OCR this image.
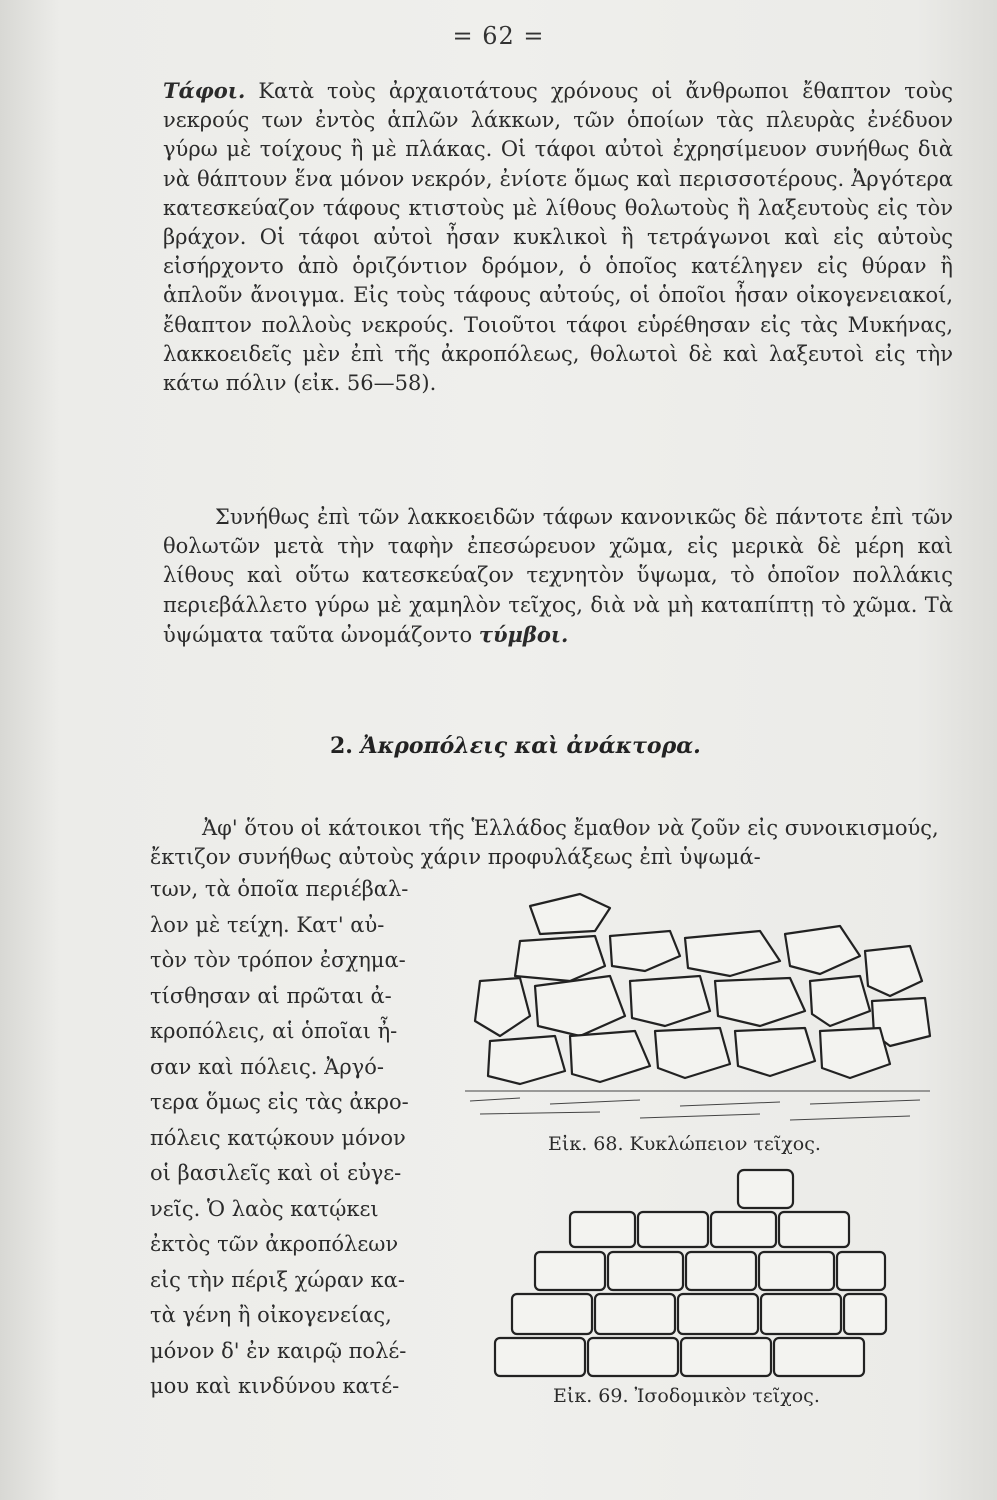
= 62 =
Τάφοι. Κατὰ τοὺς ἀρχαιοτάτους χρόνους οἱ ἄνθρωποι ἔθαπτον τοὺς νεκρούς των ἐντὸς ἁπλῶν λάκκων, τῶν ὁποίων τὰς πλευρὰς ἐνέδυον γύρω μὲ τοίχους ἢ μὲ πλάκας. Οἱ τάφοι αὐτοὶ ἐχρησίμευον συνήθως διὰ νὰ θάπτουν ἕνα μόνον νεκρόν, ἐνίοτε ὅμως καὶ περισσοτέρους. Ἀργότερα κατεσκεύαζον τάφους κτιστοὺς μὲ λίθους θολωτοὺς ἢ λαξευτοὺς εἰς τὸν βράχον. Οἱ τάφοι αὐτοὶ ἦσαν κυκλικοὶ ἢ τετράγωνοι καὶ εἰς αὐτοὺς εἰσήρχοντο ἀπὸ ὁριζόντιον δρόμον, ὁ ὁποῖος κατέληγεν εἰς θύραν ἢ ἁπλοῦν ἄνοιγμα. Εἰς τοὺς τάφους αὐτούς, οἱ ὁποῖοι ἦσαν οἰκογενειακοί, ἔθαπτον πολλοὺς νεκρούς. Τοιοῦτοι τάφοι εὑρέθησαν εἰς τὰς Μυκήνας, λακκοειδεῖς μὲν ἐπὶ τῆς ἀκροπόλεως, θολωτοὶ δὲ καὶ λαξευτοὶ εἰς τὴν κάτω πόλιν (εἰκ. 56—58).
Συνήθως ἐπὶ τῶν λακκοειδῶν τάφων κανονικῶς δὲ πάντοτε ἐπὶ τῶν θολωτῶν μετὰ τὴν ταφὴν ἐπεσώρευον χῶμα, εἰς μερικὰ δὲ μέρη καὶ λίθους καὶ οὕτω κατεσκεύαζον τεχνητὸν ὕψωμα, τὸ ὁποῖον πολλάκις περιεβάλλετο γύρω μὲ χαμηλὸν τεῖχος, διὰ νὰ μὴ καταπίπτῃ τὸ χῶμα. Τὰ ὑψώματα ταῦτα ὠνομάζοντο τύμβοι.
2. Ἀκροπόλεις καὶ ἀνάκτορα.
Ἀφ' ὅτου οἱ κάτοικοι τῆς Ἑλλάδος ἔμαθον νὰ ζοῦν εἰς συνοικισμούς, ἔκτιζον συνήθως αὐτοὺς χάριν προφυλάξεως ἐπὶ ὑψωμά-
των, τὰ ὁποῖα περιέβαλ-
λον μὲ τείχη. Κατ' αὐ-
τὸν τὸν τρόπον ἐσχημα-
τίσθησαν αἱ πρῶται ἀ-
κροπόλεις, αἱ ὁποῖαι ἦ-
σαν καὶ πόλεις. Ἀργό-
τερα ὅμως εἰς τὰς ἀκρο-
πόλεις κατῴκουν μόνον
οἱ βασιλεῖς καὶ οἱ εὐγε-
νεῖς. Ὁ λαὸς κατῴκει
ἐκτὸς τῶν ἀκροπόλεων
εἰς τὴν πέριξ χώραν κα-
τὰ γένη ἢ οἰκογενείας,
μόνον δ' ἐν καιρῷ πολέ-
μου καὶ κινδύνου κατέ-
Εἰκ. 68. Κυκλώπειον τεῖχος.
Εἰκ. 69. Ἰσοδομικὸν τεῖχος.
